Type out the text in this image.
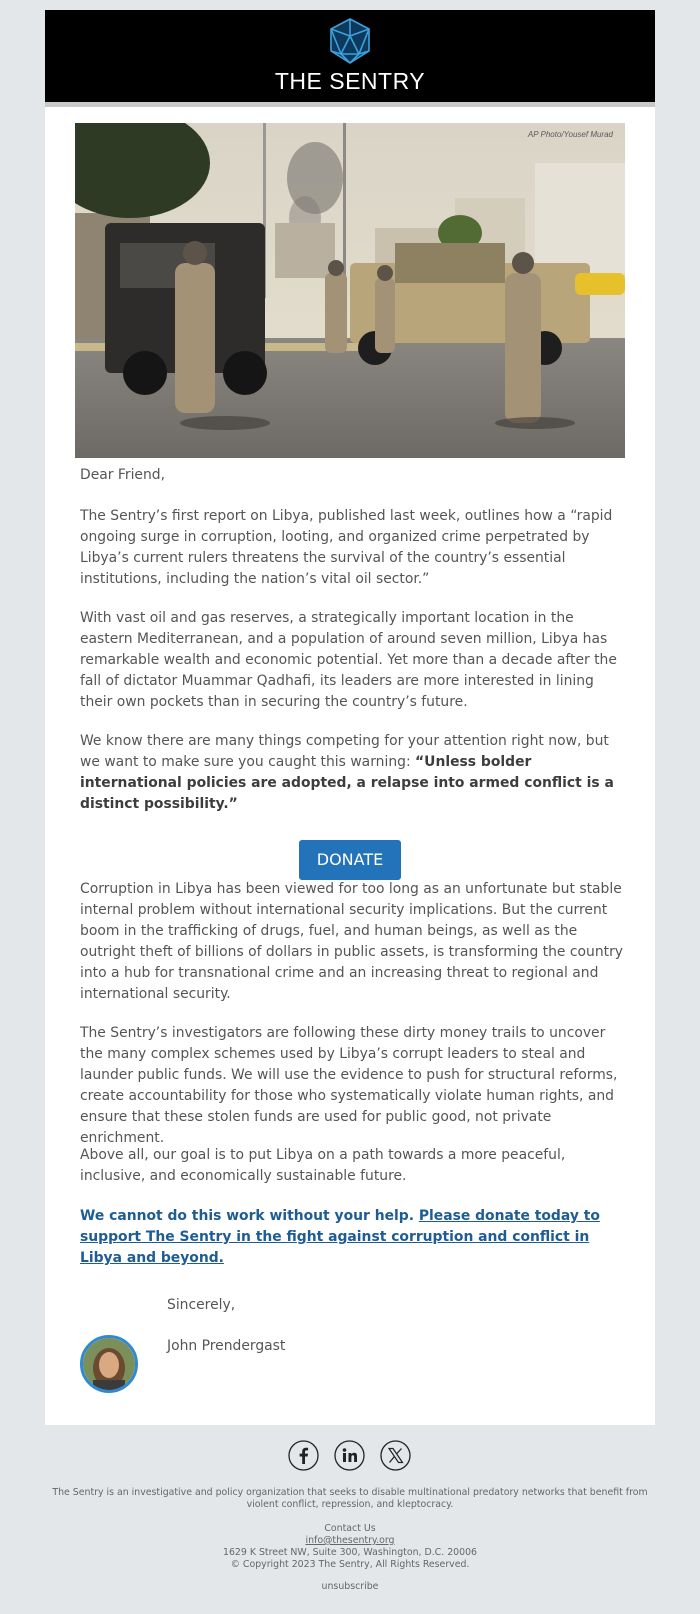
THE SENTRY
AP Photo/Yousef Murad
Dear Friend,
The Sentry’s first report on Libya, published last week, outlines how a “rapid ongoing surge in corruption, looting, and organized crime perpetrated by Libya’s current rulers threatens the survival of the country’s essential institutions, including the nation’s vital oil sector.”
With vast oil and gas reserves, a strategically important location in the eastern Mediterranean, and a population of around seven million, Libya has remarkable wealth and economic potential. Yet more than a decade after the fall of dictator Muammar Qadhafi, its leaders are more interested in lining their own pockets than in securing the country’s future.
We know there are many things competing for your attention right now, but we want to make sure you caught this warning: “Unless bolder international policies are adopted, a relapse into armed conflict is a distinct possibility.”
DONATE
Corruption in Libya has been viewed for too long as an unfortunate but stable internal problem without international security implications. But the current boom in the trafficking of drugs, fuel, and human beings, as well as the outright theft of billions of dollars in public assets, is transforming the country into a hub for transnational crime and an increasing threat to regional and international security.
The Sentry’s investigators are following these dirty money trails to uncover the many complex schemes used by Libya’s corrupt leaders to steal and launder public funds. We will use the evidence to push for structural reforms, create accountability for those who systematically violate human rights, and ensure that these stolen funds are used for public good, not private enrichment.
Above all, our goal is to put Libya on a path towards a more peaceful, inclusive, and economically sustainable future.
We cannot do this work without your help. Please donate today to support The Sentry in the fight against corruption and conflict in Libya and beyond.
Sincerely,
John Prendergast
The Sentry is an investigative and policy organization that seeks to disable multinational predatory networks that benefit from violent conflict, repression, and kleptocracy.
Contact Us
info@thesentry.org
1629 K Street NW, Suite 300, Washington, D.C. 20006
© Copyright 2023 The Sentry, All Rights Reserved.
unsubscribe
